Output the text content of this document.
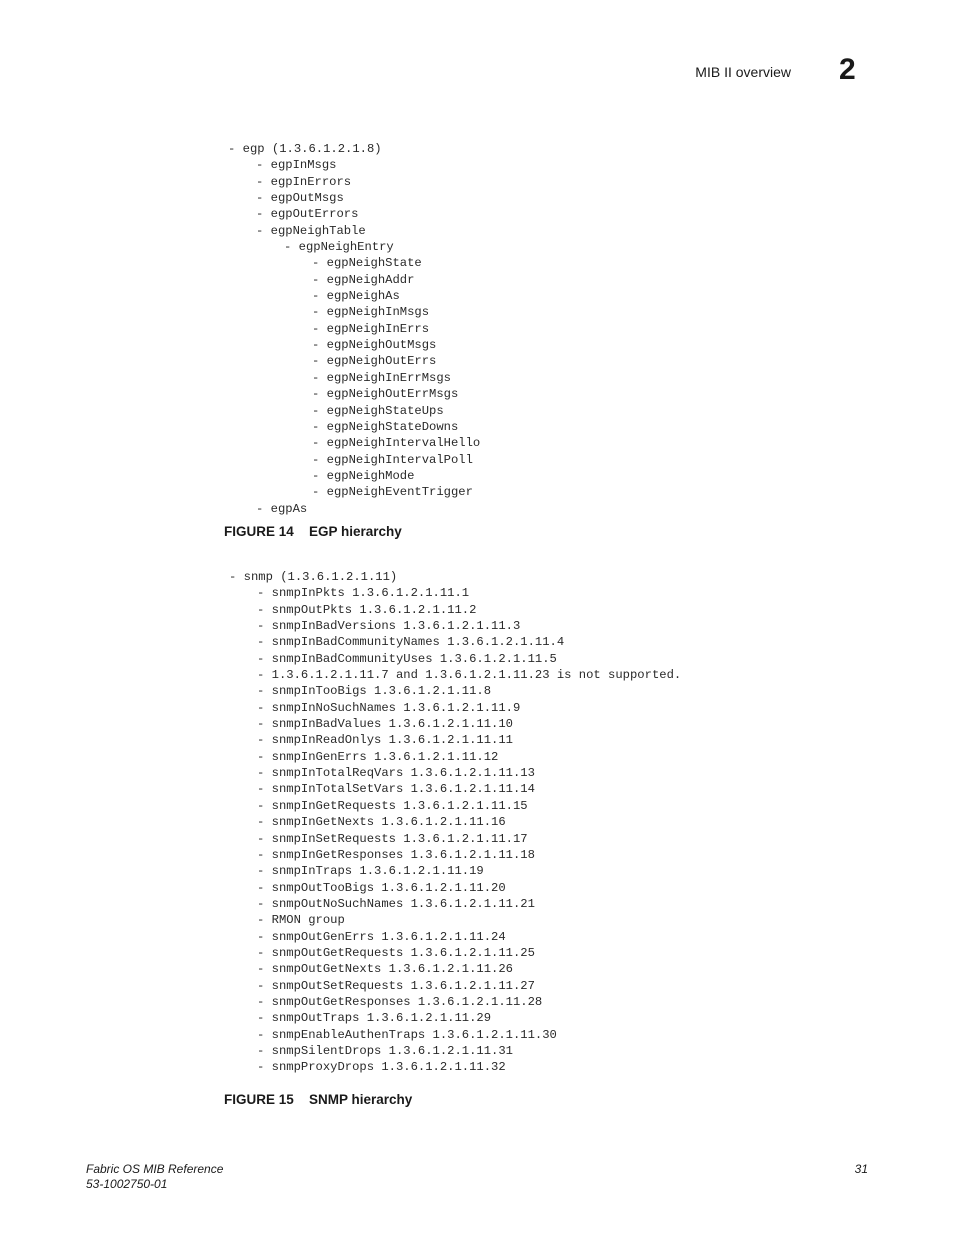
MIB II overview 2
- egp (1.3.6.1.2.1.8)
- egpInMsgs
- egpInErrors
- egpOutMsgs
- egpOutErrors
- egpNeighTable
- egpNeighEntry
- egpNeighState
- egpNeighAddr
- egpNeighAs
- egpNeighInMsgs
- egpNeighInErrs
- egpNeighOutMsgs
- egpNeighOutErrs
- egpNeighInErrMsgs
- egpNeighOutErrMsgs
- egpNeighStateUps
- egpNeighStateDowns
- egpNeighIntervalHello
- egpNeighIntervalPoll
- egpNeighMode
- egpNeighEventTrigger
- egpAs
FIGURE 14 EGP hierarchy
- snmp (1.3.6.1.2.1.11)
- snmpInPkts 1.3.6.1.2.1.11.1
- snmpOutPkts 1.3.6.1.2.1.11.2
- snmpInBadVersions 1.3.6.1.2.1.11.3
- snmpInBadCommunityNames 1.3.6.1.2.1.11.4
- snmpInBadCommunityUses 1.3.6.1.2.1.11.5
- 1.3.6.1.2.1.11.7 and 1.3.6.1.2.1.11.23 is not supported.
- snmpInTooBigs 1.3.6.1.2.1.11.8
- snmpInNoSuchNames 1.3.6.1.2.1.11.9
- snmpInBadValues 1.3.6.1.2.1.11.10
- snmpInReadOnlys 1.3.6.1.2.1.11.11
- snmpInGenErrs 1.3.6.1.2.1.11.12
- snmpInTotalReqVars 1.3.6.1.2.1.11.13
- snmpInTotalSetVars 1.3.6.1.2.1.11.14
- snmpInGetRequests 1.3.6.1.2.1.11.15
- snmpInGetNexts 1.3.6.1.2.1.11.16
- snmpInSetRequests 1.3.6.1.2.1.11.17
- snmpInGetResponses 1.3.6.1.2.1.11.18
- snmpInTraps 1.3.6.1.2.1.11.19
- snmpOutTooBigs 1.3.6.1.2.1.11.20
- snmpOutNoSuchNames 1.3.6.1.2.1.11.21
- RMON group
- snmpOutGenErrs 1.3.6.1.2.1.11.24
- snmpOutGetRequests 1.3.6.1.2.1.11.25
- snmpOutGetNexts 1.3.6.1.2.1.11.26
- snmpOutSetRequests 1.3.6.1.2.1.11.27
- snmpOutGetResponses 1.3.6.1.2.1.11.28
- snmpOutTraps 1.3.6.1.2.1.11.29
- snmpEnableAuthenTraps 1.3.6.1.2.1.11.30
- snmpSilentDrops 1.3.6.1.2.1.11.31
- snmpProxyDrops 1.3.6.1.2.1.11.32
FIGURE 15 SNMP hierarchy
Fabric OS MIB Reference
53-1002750-01
31
